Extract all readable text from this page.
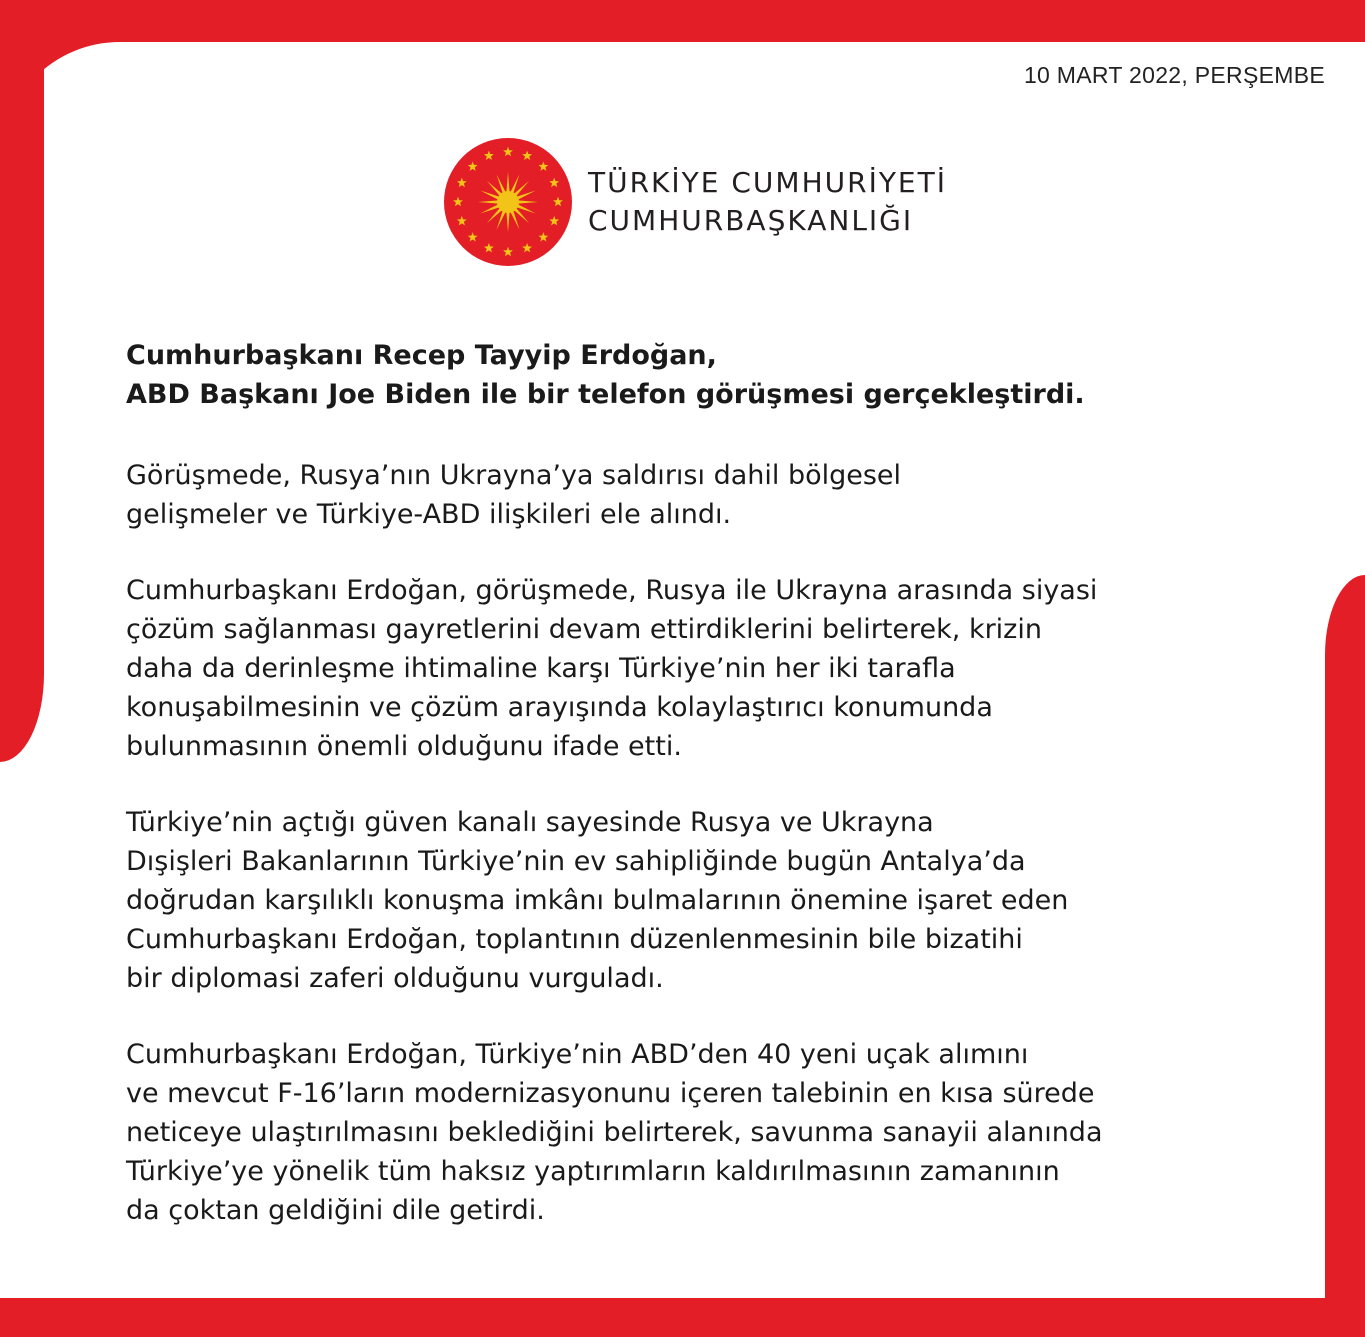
10 MART 2022, PERŞEMBE
TÜRKİYE CUMHURİYETİ
CUMHURBAŞKANLIĞI
Cumhurbaşkanı Recep Tayyip Erdoğan,
ABD Başkanı Joe Biden ile bir telefon görüşmesi gerçekleştirdi.
Görüşmede, Rusya’nın Ukrayna’ya saldırısı dahil bölgesel
gelişmeler ve Türkiye-ABD ilişkileri ele alındı.
Cumhurbaşkanı Erdoğan, görüşmede, Rusya ile Ukrayna arasında siyasi
çözüm sağlanması gayretlerini devam ettirdiklerini belirterek, krizin
daha da derinleşme ihtimaline karşı Türkiye’nin her iki tarafla
konuşabilmesinin ve çözüm arayışında kolaylaştırıcı konumunda
bulunmasının önemli olduğunu ifade etti.
Türkiye’nin açtığı güven kanalı sayesinde Rusya ve Ukrayna
Dışişleri Bakanlarının Türkiye’nin ev sahipliğinde bugün Antalya’da
doğrudan karşılıklı konuşma imkânı bulmalarının önemine işaret eden
Cumhurbaşkanı Erdoğan, toplantının düzenlenmesinin bile bizatihi
bir diplomasi zaferi olduğunu vurguladı.
Cumhurbaşkanı Erdoğan, Türkiye’nin ABD’den 40 yeni uçak alımını
ve mevcut F-16’ların modernizasyonunu içeren talebinin en kısa sürede
neticeye ulaştırılmasını beklediğini belirterek, savunma sanayii alanında
Türkiye’ye yönelik tüm haksız yaptırımların kaldırılmasının zamanının
da çoktan geldiğini dile getirdi.
